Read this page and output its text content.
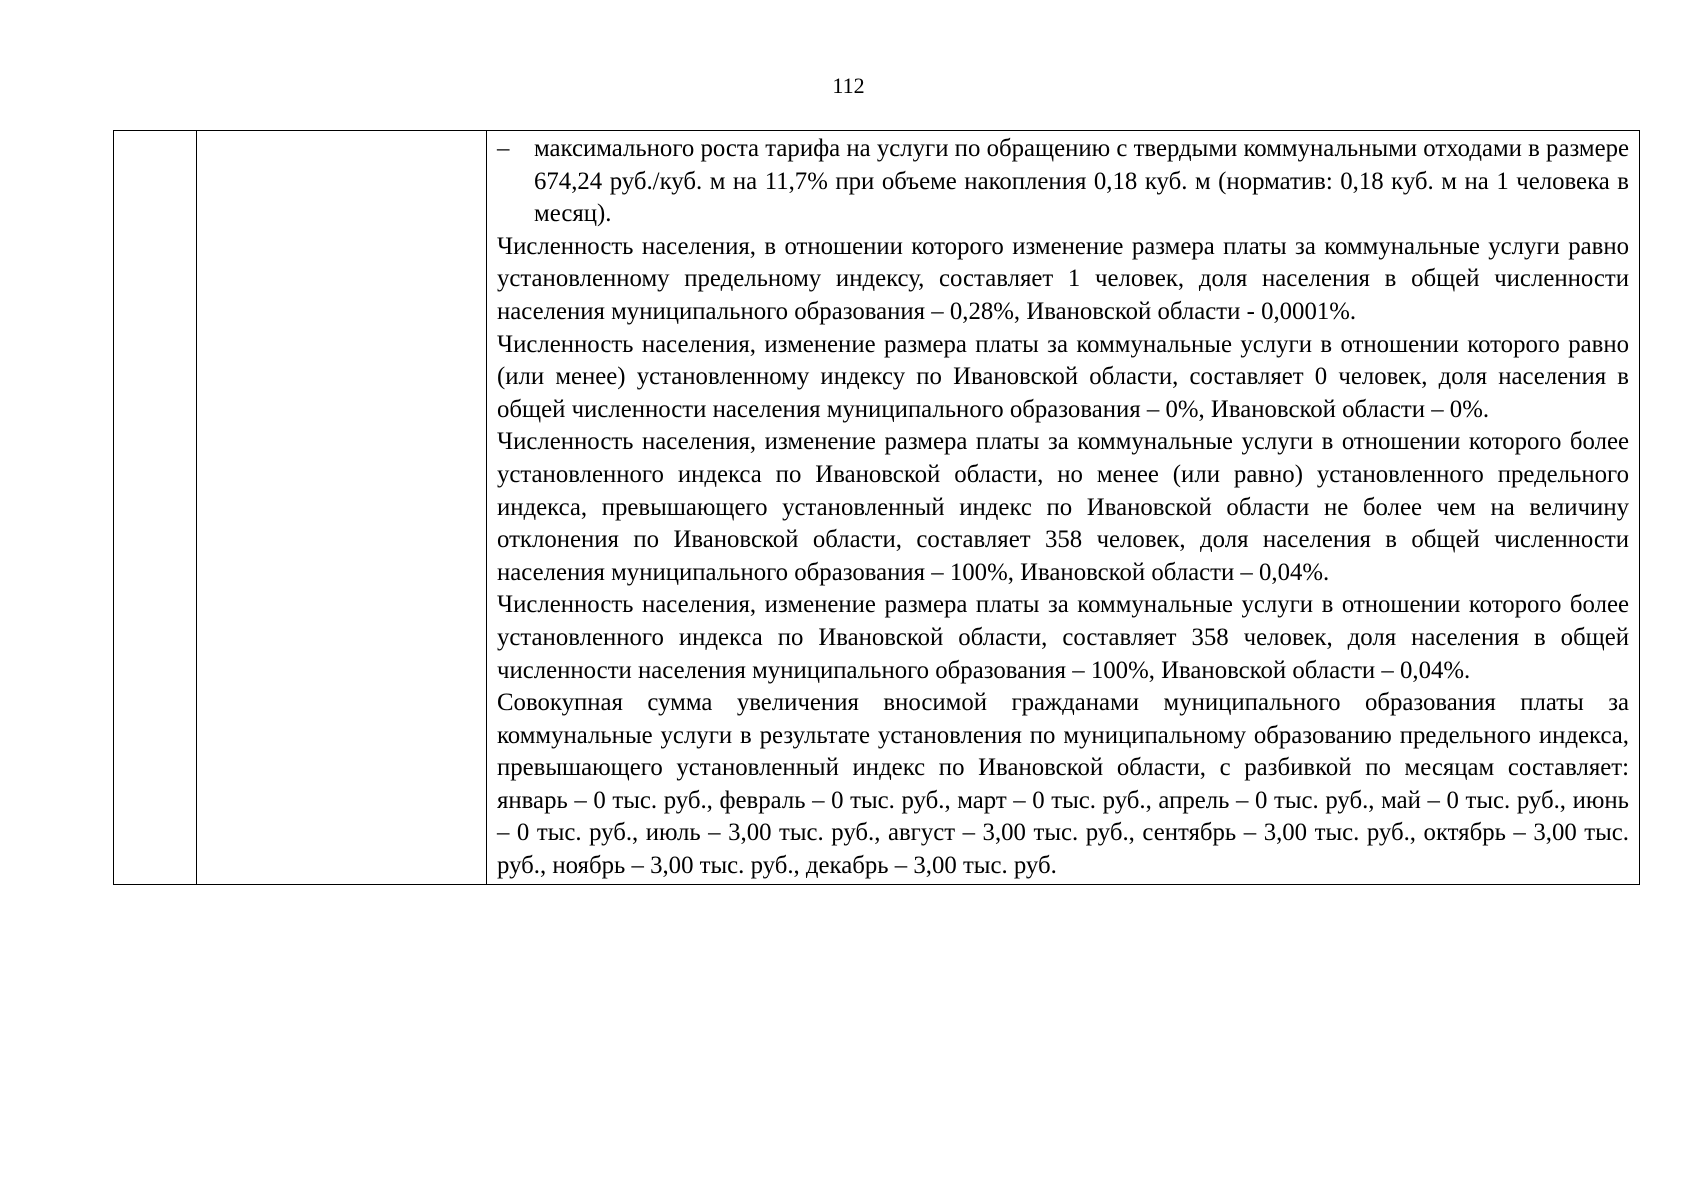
112

– максимального роста тарифа на услуги по обращению с твердыми коммунальными отходами в размере 674,24 руб./куб. м на 11,7% при объеме накопления 0,18 куб. м (норматив: 0,18 куб. м на 1 человека в месяц).

Численность населения, в отношении которого изменение размера платы за коммунальные услуги равно установленному предельному индексу, составляет 1 человек, доля населения в общей численности населения муниципального образования – 0,28%, Ивановской области - 0,0001%.

Численность населения, изменение размера платы за коммунальные услуги в отношении которого равно (или менее) установленному индексу по Ивановской области, составляет 0 человек, доля населения в общей численности населения муниципального образования – 0%, Ивановской области – 0%.

Численность населения, изменение размера платы за коммунальные услуги в отношении которого более установленного индекса по Ивановской области, но менее (или равно) установленного предельного индекса, превышающего установленный индекс по Ивановской области не более чем на величину отклонения по Ивановской области, составляет 358 человек, доля населения в общей численности населения муниципального образования – 100%, Ивановской области – 0,04%.

Численность населения, изменение размера платы за коммунальные услуги в отношении которого более установленного индекса по Ивановской области, составляет 358 человек, доля населения в общей численности населения муниципального образования – 100%, Ивановской области – 0,04%.

Совокупная сумма увеличения вносимой гражданами муниципального образования платы за коммунальные услуги в результате установления по муниципальному образованию предельного индекса, превышающего установленный индекс по Ивановской области, с разбивкой по месяцам составляет: январь – 0 тыс. руб., февраль – 0 тыс. руб., март – 0 тыс. руб., апрель – 0 тыс. руб., май – 0 тыс. руб., июнь – 0 тыс. руб., июль – 3,00 тыс. руб., август – 3,00 тыс. руб., сентябрь – 3,00 тыс. руб., октябрь – 3,00 тыс. руб., ноябрь – 3,00 тыс. руб., декабрь – 3,00 тыс. руб.
